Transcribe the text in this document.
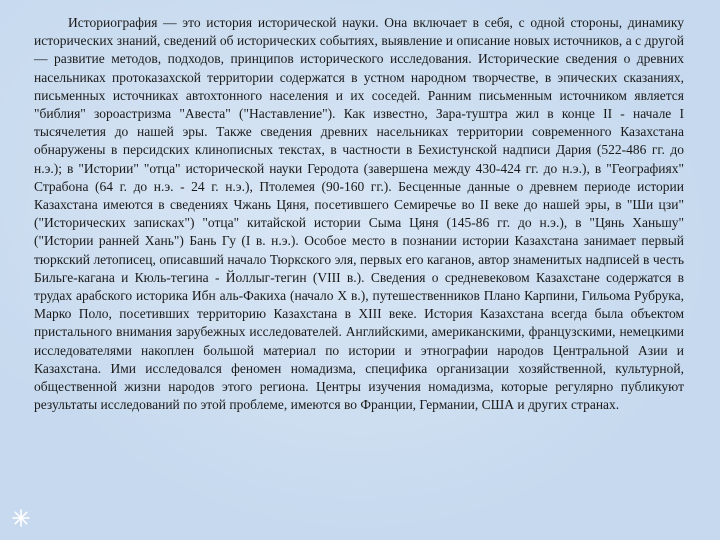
Историография — это история исторической науки. Она включает в себя, с одной стороны, динамику исторических знаний, сведений об исторических событиях, выявление и описание новых источников, а с другой — развитие методов, подходов, принципов исторического исследования. Исторические сведения о древних насельниках протоказахской территории содержатся в устном народном творчестве, в эпических сказаниях, письменных источниках автохтонного населения и их соседей. Ранним письменным источником является "библия" зороастризма "Авеста" ("Наставление"). Как известно, Зара-туштра жил в конце II - начале I тысячелетия до нашей эры. Также сведения древних насельниках территории современного Казахстана обнаружены в персидских клинописных текстах, в частности в Бехистунской надписи Дария (522-486 гг. до н.э.); в "Истории" "отца" исторической науки Геродота (завершена между 430-424 гг. до н.э.), в "Географиях" Страбона (64 г. до н.э. - 24 г. н.э.), Птолемея (90-160 гг.). Бесценные данные о древнем периоде истории Казахстана имеются в сведениях Чжань Цяня, посетившего Семиречье во II веке до нашей эры, в "Ши цзи" ("Исторических записках") "отца" китайской истории Сыма Цяня (145-86 гг. до н.э.), в "Цянь Ханьшу" ("Истории ранней Хань") Бань Гу (I в. н.э.). Особое место в познании истории Казахстана занимает первый тюркский летописец, описавший начало Тюркского эля, первых его каганов, автор знаменитых надписей в честь Бильге-кагана и Кюль-тегина - Йоллыг-тегин (VIII в.). Сведения о средневековом Казахстане содержатся в трудах арабского историка Ибн аль-Факиха (начало X в.), путешественников Плано Карпини, Гильома Рубрука, Марко Поло, посетивших территорию Казахстана в XIII веке. История Казахстана всегда была объектом пристального внимания зарубежных исследователей. Английскими, американскими, французскими, немецкими исследователями накоплен большой материал по истории и этнографии народов Центральной Азии и Казахстана. Ими исследовался феномен номадизма, специфика организации хозяйственной, культурной, общественной жизни народов этого региона. Центры изучения номадизма, которые регулярно публикуют результаты исследований по этой проблеме, имеются во Франции, Германии, США и других странах.
